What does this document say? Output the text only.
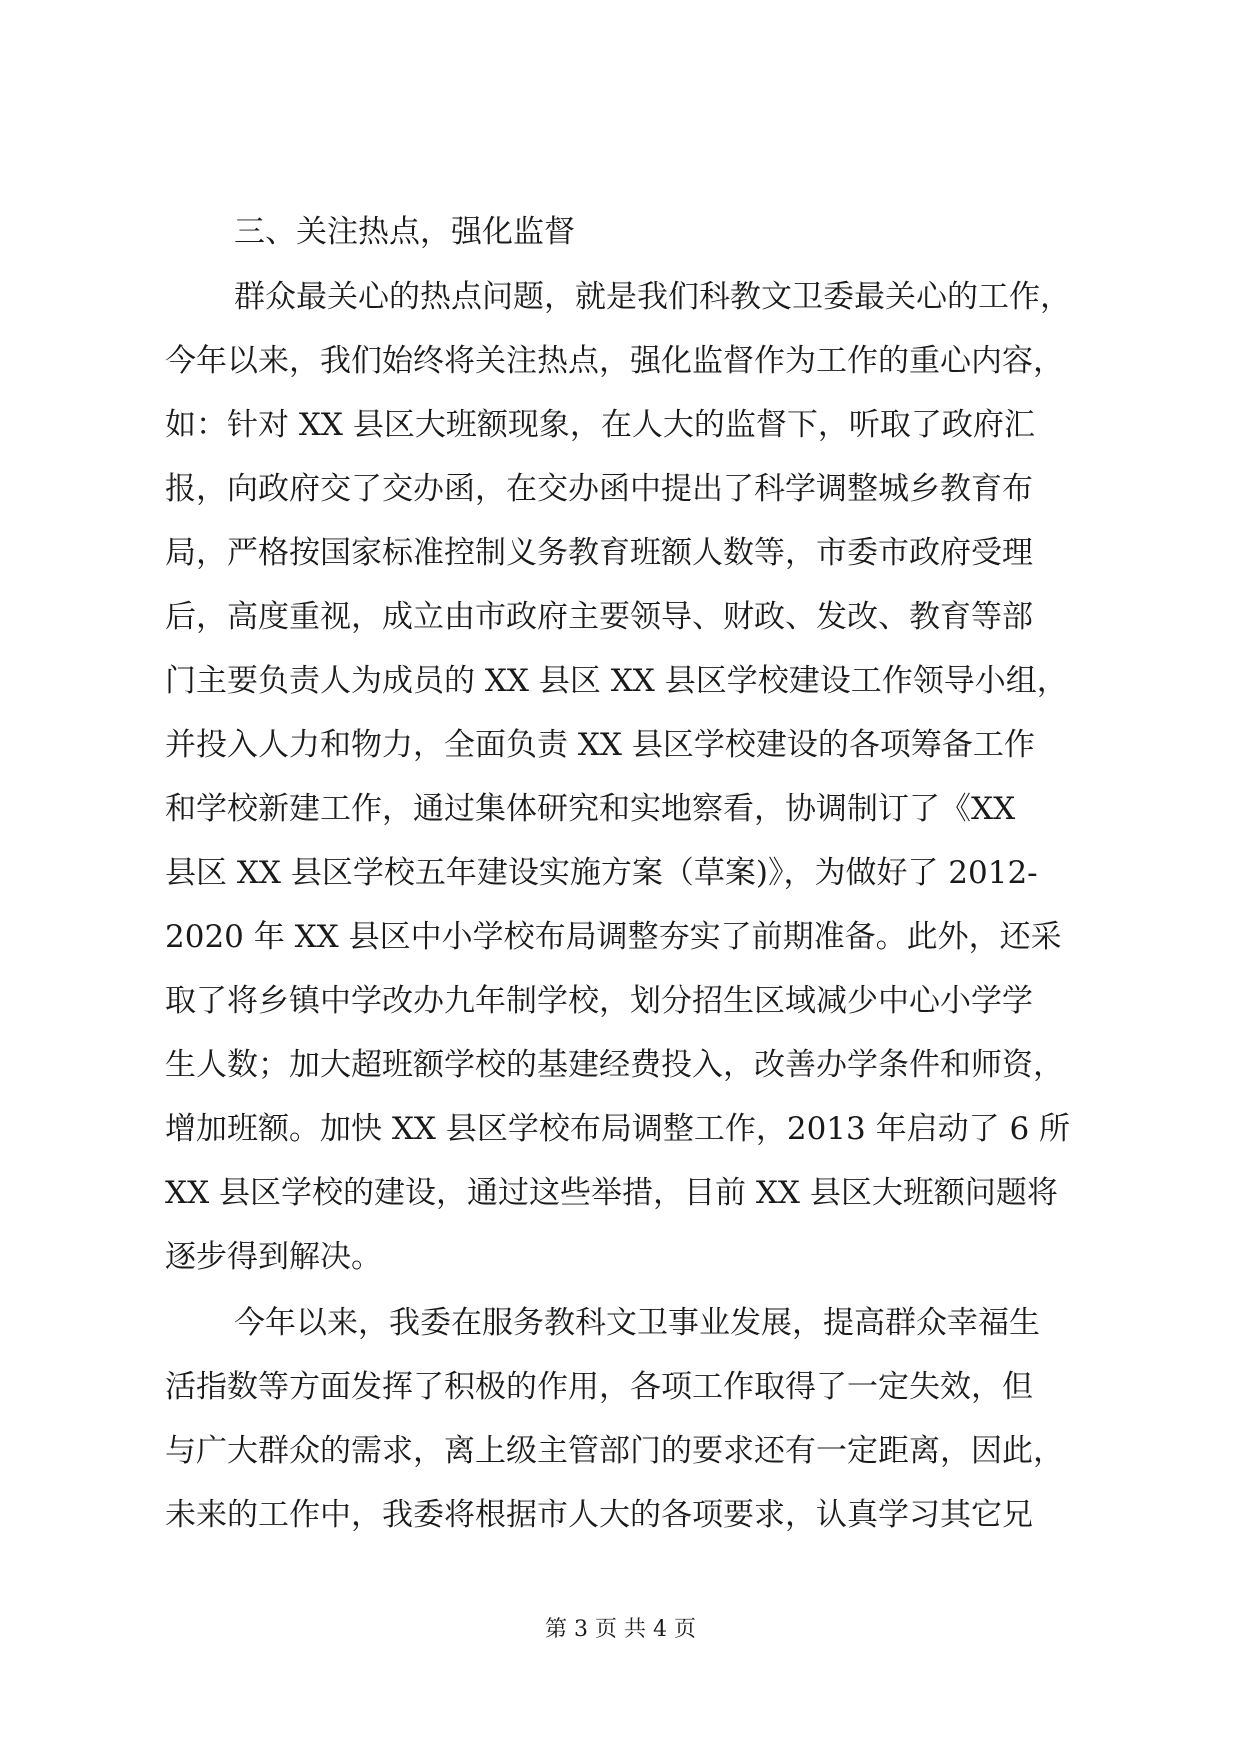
三、关注热点，强化监督
群众最关心的热点问题，就是我们科教文卫委最关心的工作，
今年以来，我们始终将关注热点，强化监督作为工作的重心内容，
如：针对 XX 县区大班额现象，在人大的监督下，听取了政府汇
报，向政府交了交办函，在交办函中提出了科学调整城乡教育布
局，严格按国家标准控制义务教育班额人数等，市委市政府受理
后，高度重视，成立由市政府主要领导、财政、发改、教育等部
门主要负责人为成员的 XX 县区 XX 县区学校建设工作领导小组，
并投入人力和物力，全面负责 XX 县区学校建设的各项筹备工作
和学校新建工作，通过集体研究和实地察看，协调制订了《XX
县区 XX 县区学校五年建设实施方案（草案)》，为做好了 2012-
2020 年 XX 县区中小学校布局调整夯实了前期准备。此外，还采
取了将乡镇中学改办九年制学校，划分招生区域减少中心小学学
生人数；加大超班额学校的基建经费投入，改善办学条件和师资，
增加班额。加快 XX 县区学校布局调整工作，2013 年启动了 6 所
XX 县区学校的建设，通过这些举措，目前 XX 县区大班额问题将
逐步得到解决。
今年以来，我委在服务教科文卫事业发展，提高群众幸福生
活指数等方面发挥了积极的作用，各项工作取得了一定失效，但
与广大群众的需求，离上级主管部门的要求还有一定距离，因此，
未来的工作中，我委将根据市人大的各项要求，认真学习其它兄
第 3 页 共 4 页
